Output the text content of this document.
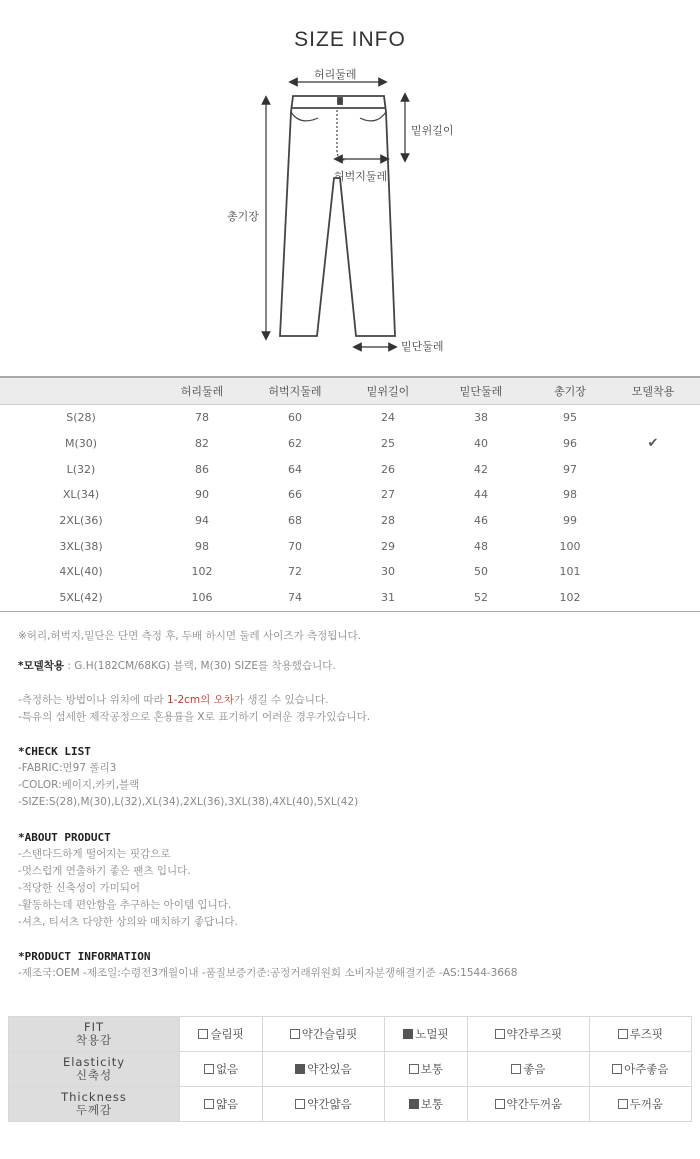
SIZE INFO
허리둘레
밑위길이
허벅지둘레
총기장
밑단둘레
	허리둘레	허벅지둘레	밑위길이	밑단둘레	총기장	모델착용
S(28)	78	60	24	38	95	
M(30)	82	62	25	40	96	✔
L(32)	86	64	26	42	97	
XL(34)	90	66	27	44	98	
2XL(36)	94	68	28	46	99	
3XL(38)	98	70	29	48	100	
4XL(40)	102	72	30	50	101	
5XL(42)	106	74	31	52	102	
※허리,허벅지,밑단은 단면 측정 후, 두배 하시면 둘레 사이즈가 측정됩니다.
*모델착용 : G.H(182CM/68KG) 블랙, M(30) SIZE를 착용했습니다.
-측정하는 방법이나 위치에 따라 1-2cm의 오차가 생길 수 있습니다.
-특유의 섬세한 제작공정으로 혼용률을 X로 표기하기 어려운 경우가있습니다.
*CHECK LIST
-FABRIC:면97 폴리3
-COLOR:베이지,카키,블랙
-SIZE:S(28),M(30),L(32),XL(34),2XL(36),3XL(38),4XL(40),5XL(42)
*ABOUT PRODUCT
-스탠다드하게 떨어지는 핏감으로
-멋스럽게 연출하기 좋은 팬츠 입니다.
-적당한 신축성이 가미되어
-활동하는데 편안함을 추구하는 아이템 입니다.
-셔츠, 티셔츠 다양한 상의와 매치하기 좋답니다.
*PRODUCT INFORMATION
-제조국:OEM -제조일:수령전3개월이내 -품질보증기준:공정거래위원회 소비자분쟁해결기준 -AS:1544-3668
FIT
착용감	슬림핏	약간슬림핏	노멀핏	약간루즈핏	루즈핏

Elasticity
신축성	없음	약간있음	보통	좋음	아주좋음

Thickness
두께감	얇음	약간얇음	보통	약간두꺼움	두꺼움
